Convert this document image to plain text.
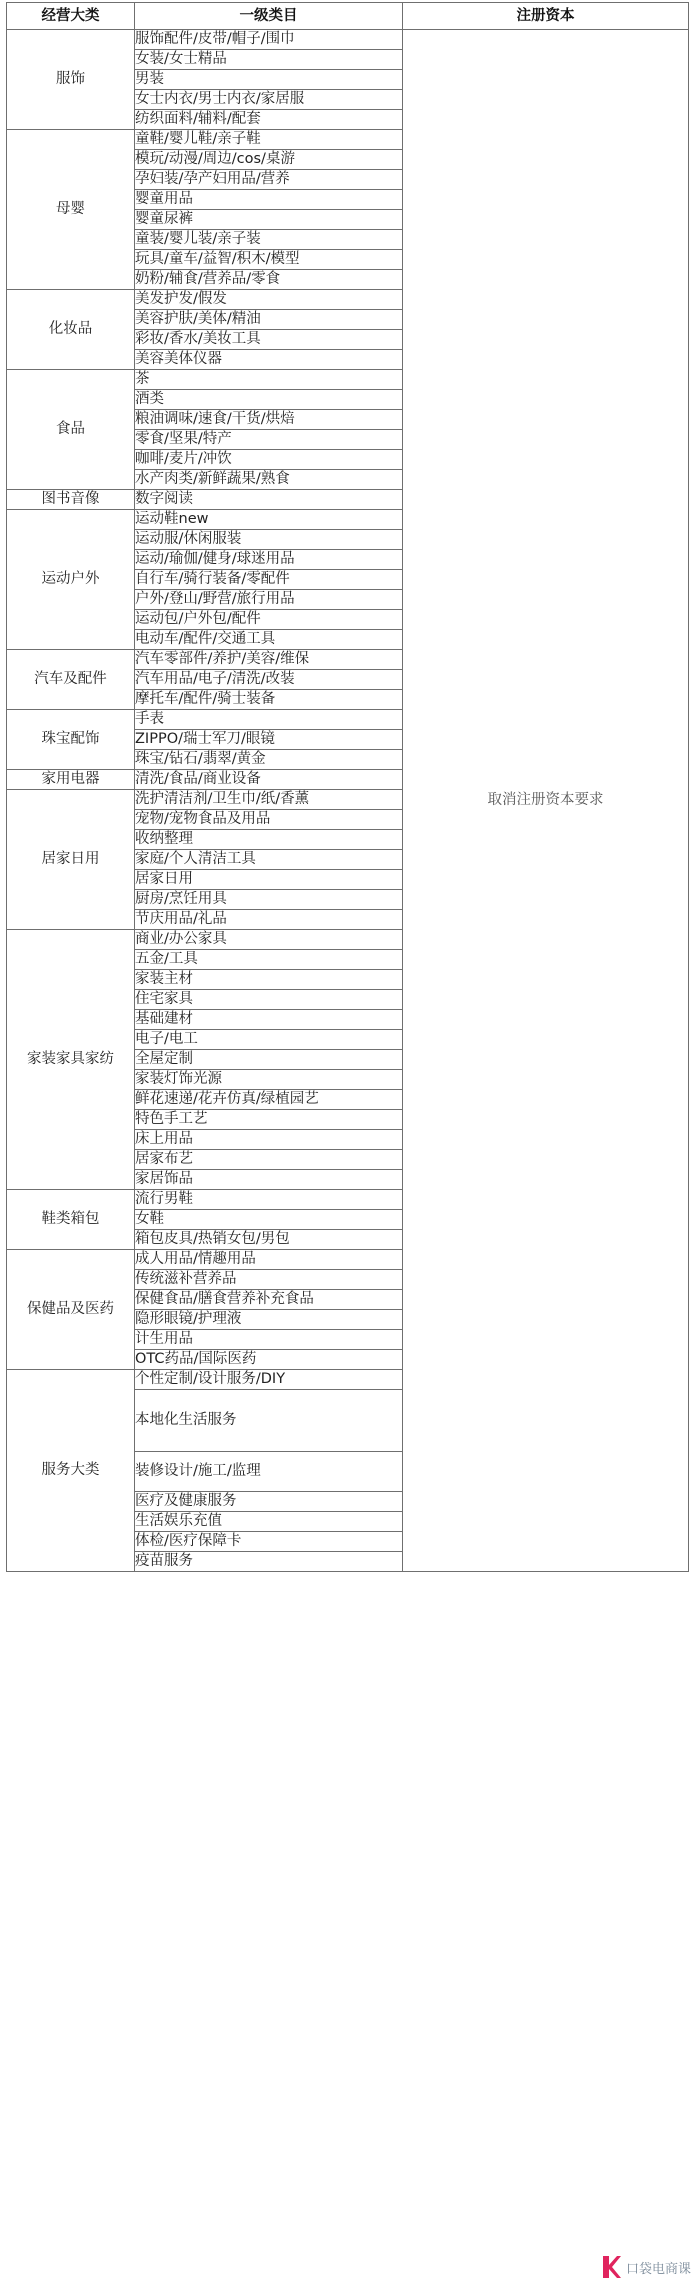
经营大类	一级类目	注册资本
服饰	服饰配件/皮带/帽子/围巾	取消注册资本要求
	女装/女士精品	
	男装	
	女士内衣/男士内衣/家居服	
	纺织面料/辅料/配套	
母婴	童鞋/婴儿鞋/亲子鞋	
	模玩/动漫/周边/cos/桌游	
	孕妇装/孕产妇用品/营养	
	婴童用品	
	婴童尿裤	
	童装/婴儿装/亲子装	
	玩具/童车/益智/积木/模型	
	奶粉/辅食/营养品/零食	
化妆品	美发护发/假发	
	美容护肤/美体/精油	
	彩妆/香水/美妆工具	
	美容美体仪器	
食品	茶	
	酒类	
	粮油调味/速食/干货/烘焙	
	零食/坚果/特产	
	咖啡/麦片/冲饮	
	水产肉类/新鲜蔬果/熟食	
图书音像	数字阅读	
运动户外	运动鞋new	
	运动服/休闲服装	
	运动/瑜伽/健身/球迷用品	
	自行车/骑行装备/零配件	
	户外/登山/野营/旅行用品	
	运动包/户外包/配件	
	电动车/配件/交通工具	
汽车及配件	汽车零部件/养护/美容/维保	
	汽车用品/电子/清洗/改装	
	摩托车/配件/骑士装备	
珠宝配饰	手表	
	ZIPPO/瑞士军刀/眼镜	
	珠宝/钻石/翡翠/黄金	
家用电器	清洗/食品/商业设备	
居家日用	洗护清洁剂/卫生巾/纸/香薰	
	宠物/宠物食品及用品	
	收纳整理	
	家庭/个人清洁工具	
	居家日用	
	厨房/烹饪用具	
	节庆用品/礼品	
家装家具家纺	商业/办公家具	
	五金/工具	
	家装主材	
	住宅家具	
	基础建材	
	电子/电工	
	全屋定制	
	家装灯饰光源	
	鲜花速递/花卉仿真/绿植园艺	
	特色手工艺	
	床上用品	
	居家布艺	
	家居饰品	
鞋类箱包	流行男鞋	
	女鞋	
	箱包皮具/热销女包/男包	
保健品及医药	成人用品/情趣用品	
	传统滋补营养品	
	保健食品/膳食营养补充食品	
	隐形眼镜/护理液	
	计生用品	
	OTC药品/国际医药	
服务大类	个性定制/设计服务/DIY	
	本地化生活服务	
	装修设计/施工/监理	
	医疗及健康服务	
	生活娱乐充值	
	体检/医疗保障卡	
	疫苗服务	
口袋电商课
